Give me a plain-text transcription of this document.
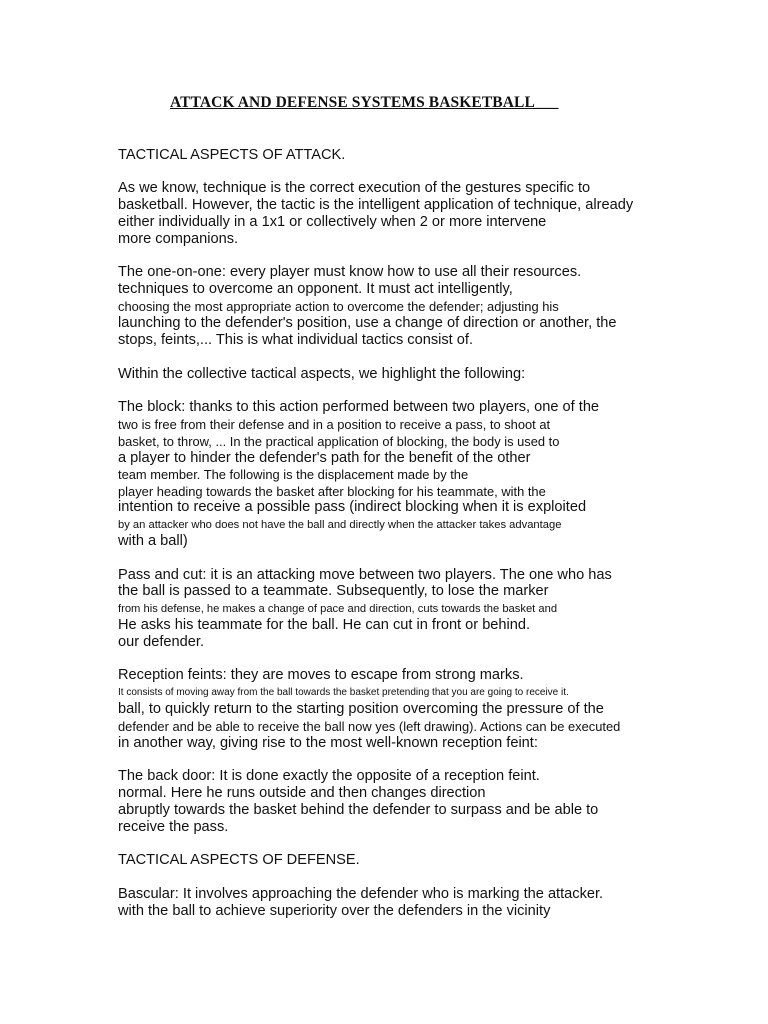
ATTACK AND DEFENSE SYSTEMS BASKETBALL___
TACTICAL ASPECTS OF ATTACK.
As we know, technique is the correct execution of the gestures specific to
basketball. However, the tactic is the intelligent application of technique, already
either individually in a 1x1 or collectively when 2 or more intervene
more companions.
The one-on-one: every player must know how to use all their resources.
techniques to overcome an opponent. It must act intelligently,
choosing the most appropriate action to overcome the defender; adjusting his
launching to the defender's position, use a change of direction or another, the
stops, feints,... This is what individual tactics consist of.
Within the collective tactical aspects, we highlight the following:
The block: thanks to this action performed between two players, one of the
two is free from their defense and in a position to receive a pass, to shoot at
basket, to throw, ... In the practical application of blocking, the body is used to
a player to hinder the defender's path for the benefit of the other
team member. The following is the displacement made by the
player heading towards the basket after blocking for his teammate, with the
intention to receive a possible pass (indirect blocking when it is exploited
by an attacker who does not have the ball and directly when the attacker takes advantage
with a ball)
Pass and cut: it is an attacking move between two players. The one who has
the ball is passed to a teammate. Subsequently, to lose the marker
from his defense, he makes a change of pace and direction, cuts towards the basket and
He asks his teammate for the ball. He can cut in front or behind.
our defender.
Reception feints: they are moves to escape from strong marks.
It consists of moving away from the ball towards the basket pretending that you are going to receive it.
ball, to quickly return to the starting position overcoming the pressure of the
defender and be able to receive the ball now yes (left drawing). Actions can be executed
in another way, giving rise to the most well-known reception feint:
The back door: It is done exactly the opposite of a reception feint.
normal. Here he runs outside and then changes direction
abruptly towards the basket behind the defender to surpass and be able to
receive the pass.
TACTICAL ASPECTS OF DEFENSE.
Bascular: It involves approaching the defender who is marking the attacker.
with the ball to achieve superiority over the defenders in the vicinity
